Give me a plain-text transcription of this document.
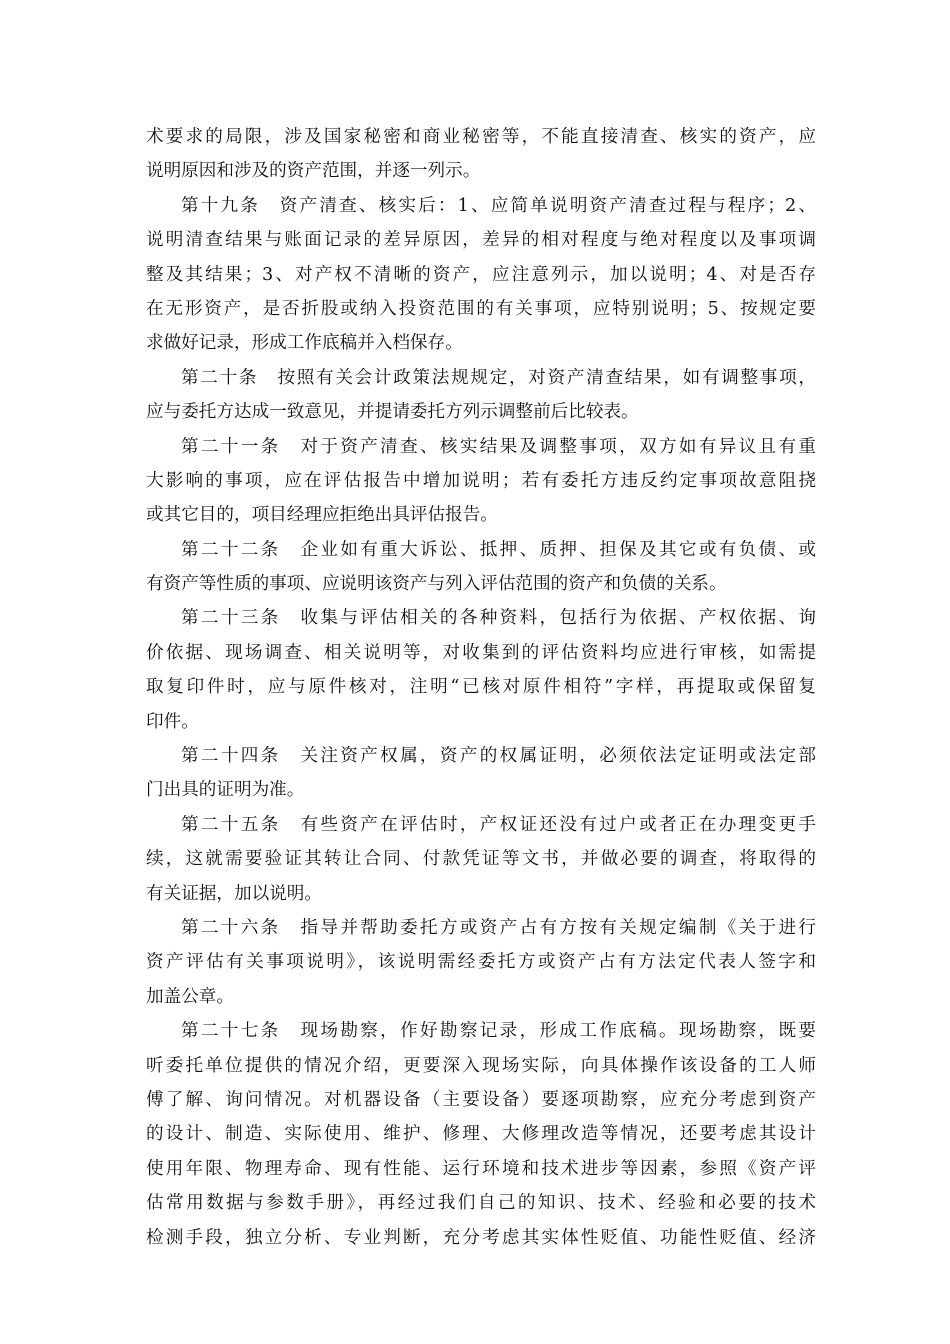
术要求的局限，涉及国家秘密和商业秘密等，不能直接清查、核实的资产，应
说明原因和涉及的资产范围，并逐一列示。
第十九条　资产清查、核实后：1、应简单说明资产清查过程与程序；2、
说明清查结果与账面记录的差异原因，差异的相对程度与绝对程度以及事项调
整及其结果；3、对产权不清晰的资产，应注意列示，加以说明；4、对是否存
在无形资产，是否折股或纳入投资范围的有关事项，应特别说明；5、按规定要
求做好记录，形成工作底稿并入档保存。
第二十条　按照有关会计政策法规规定，对资产清查结果，如有调整事项，
应与委托方达成一致意见，并提请委托方列示调整前后比较表。
第二十一条　对于资产清查、核实结果及调整事项，双方如有异议且有重
大影响的事项，应在评估报告中增加说明；若有委托方违反约定事项故意阻挠
或其它目的，项目经理应拒绝出具评估报告。
第二十二条　企业如有重大诉讼、抵押、质押、担保及其它或有负债、或
有资产等性质的事项、应说明该资产与列入评估范围的资产和负债的关系。
第二十三条　收集与评估相关的各种资料，包括行为依据、产权依据、询
价依据、现场调查、相关说明等，对收集到的评估资料均应进行审核，如需提
取复印件时，应与原件核对，注明“已核对原件相符”字样，再提取或保留复
印件。
第二十四条　关注资产权属，资产的权属证明，必须依法定证明或法定部
门出具的证明为准。
第二十五条　有些资产在评估时，产权证还没有过户或者正在办理变更手
续，这就需要验证其转让合同、付款凭证等文书，并做必要的调查，将取得的
有关证据，加以说明。
第二十六条　指导并帮助委托方或资产占有方按有关规定编制《关于进行
资产评估有关事项说明》，该说明需经委托方或资产占有方法定代表人签字和
加盖公章。
第二十七条　现场勘察，作好勘察记录，形成工作底稿。现场勘察，既要
听委托单位提供的情况介绍，更要深入现场实际，向具体操作该设备的工人师
傅了解、询问情况。对机器设备（主要设备）要逐项勘察，应充分考虑到资产
的设计、制造、实际使用、维护、修理、大修理改造等情况，还要考虑其设计
使用年限、物理寿命、现有性能、运行环境和技术进步等因素，参照《资产评
估常用数据与参数手册》，再经过我们自己的知识、技术、经验和必要的技术
检测手段，独立分析、专业判断，充分考虑其实体性贬值、功能性贬值、经济
